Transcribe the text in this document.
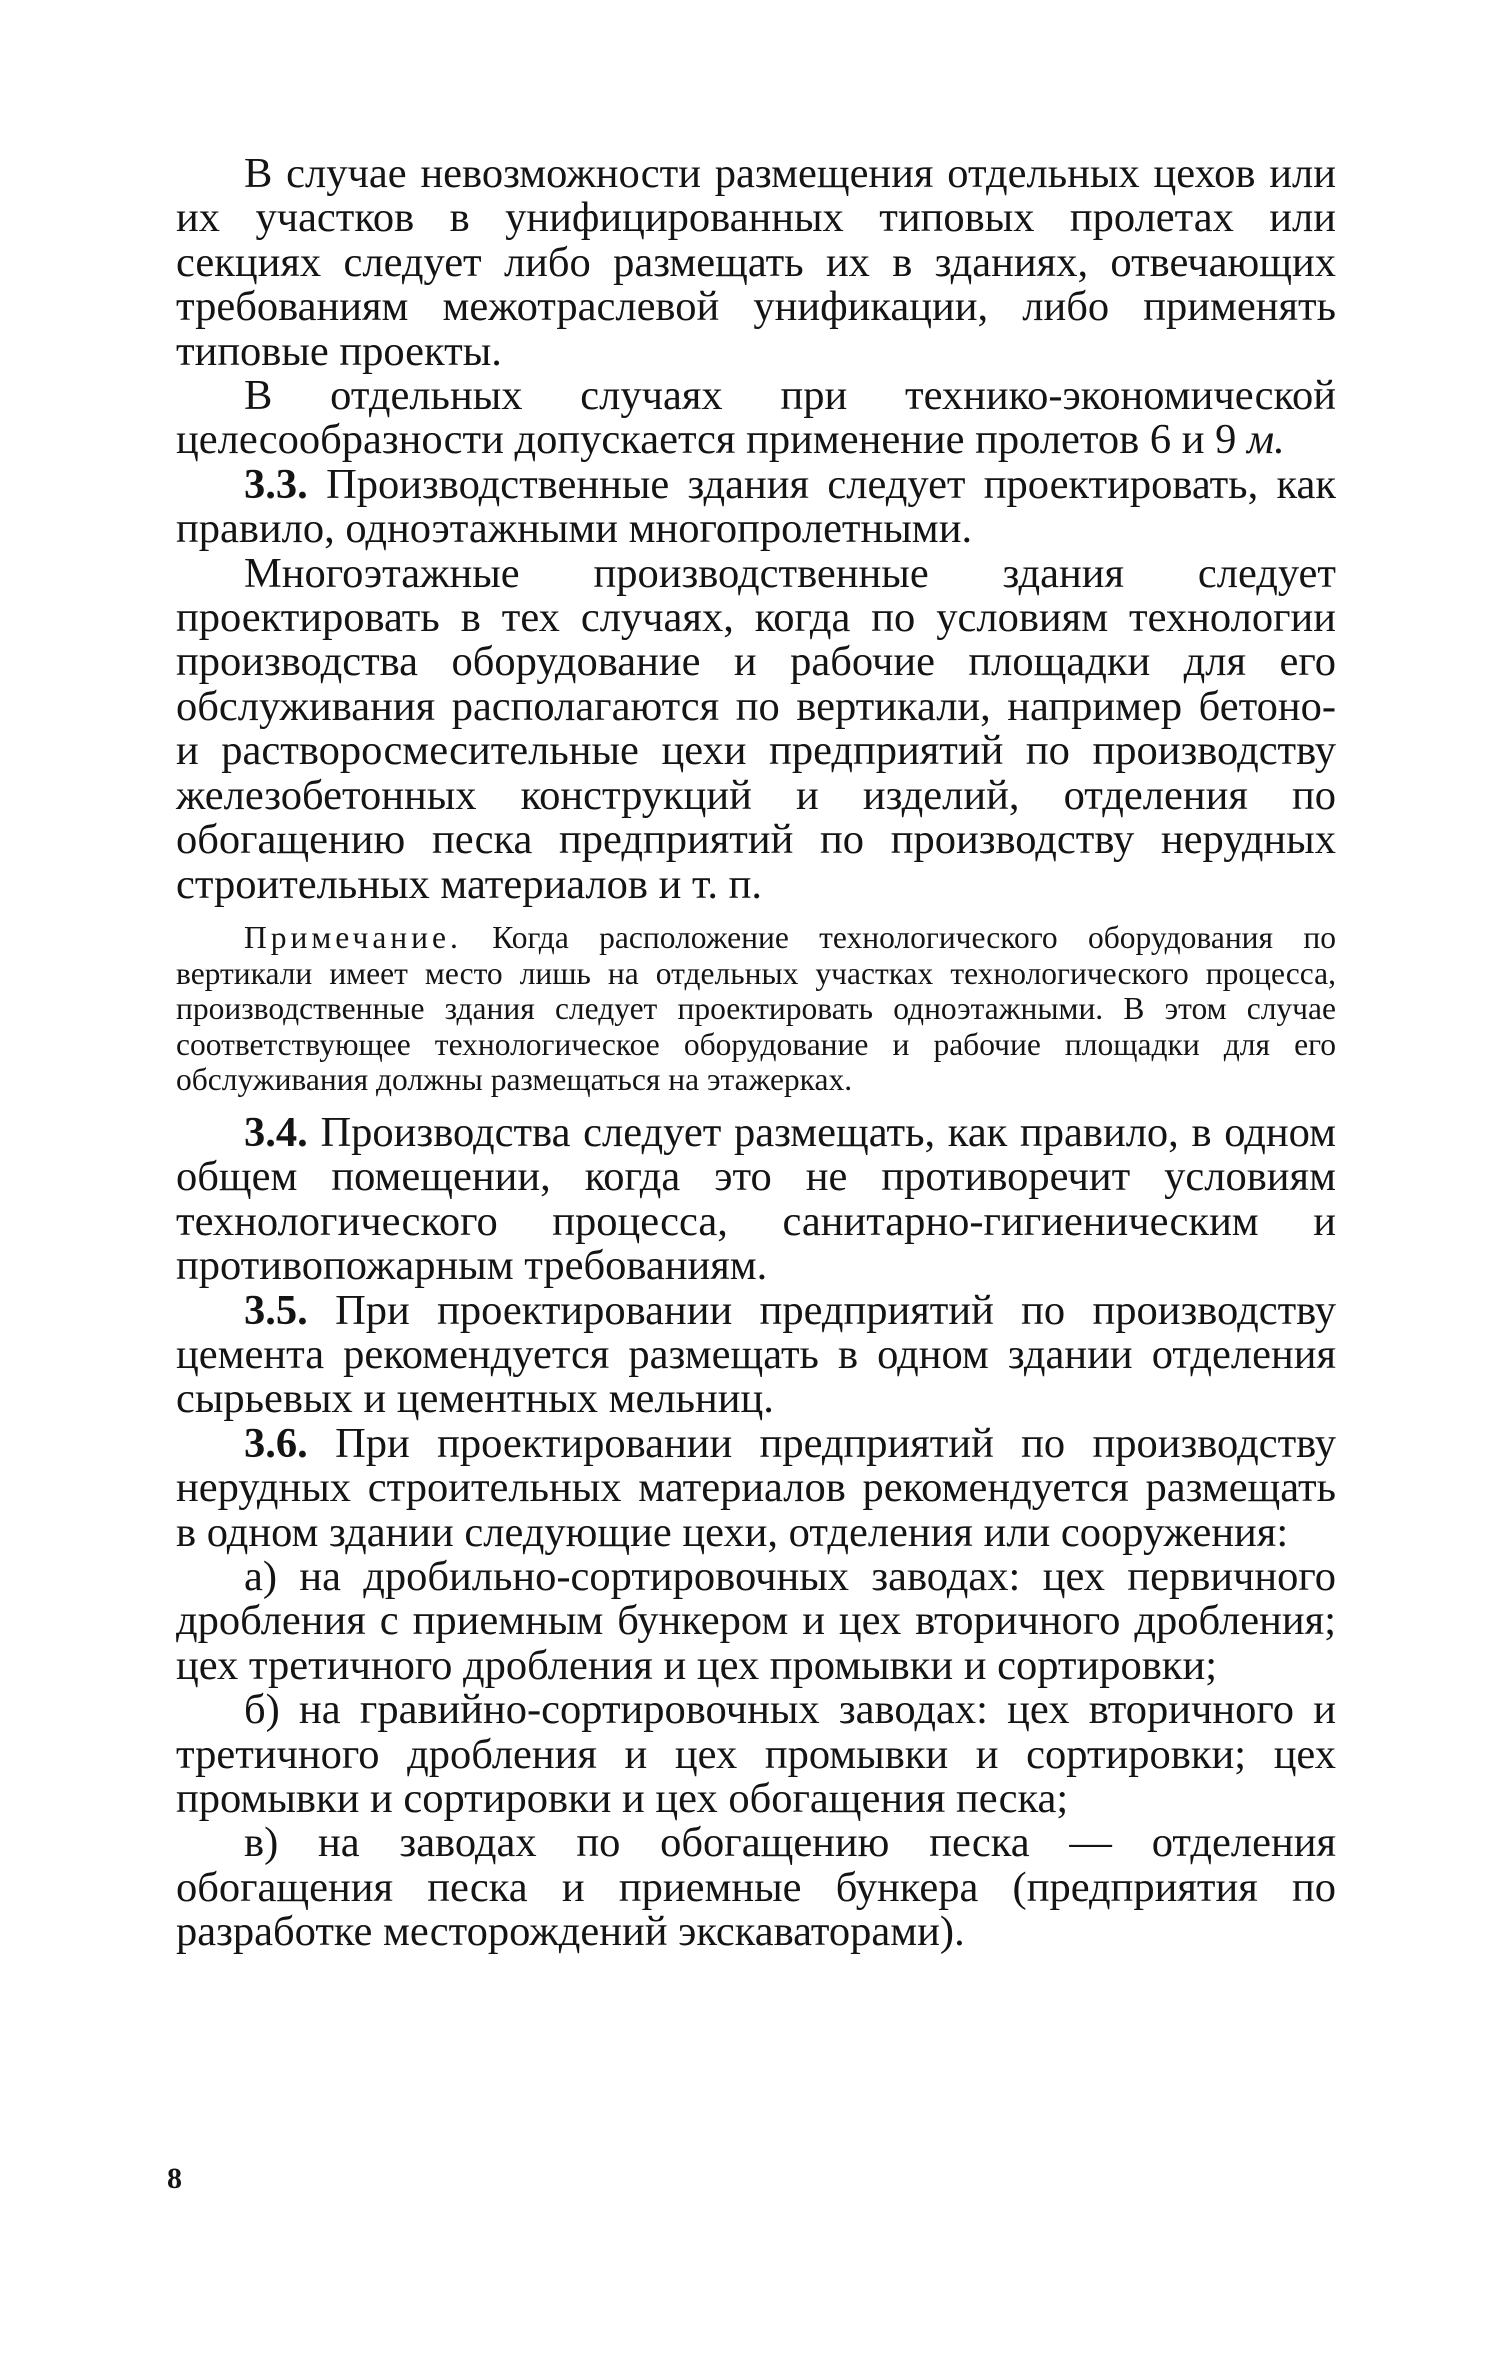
В случае невозможности размещения отдельных цехов или их участков в унифицированных типовых пролетах или секциях следует либо размещать их в зданиях, отвечающих требованиям межотраслевой унификации, либо применять типовые проекты.

В отдельных случаях при технико-экономической целесообразности допускается применение пролетов 6 и 9 м.

3.3. Производственные здания следует проектировать, как правило, одноэтажными многопролетными.

Многоэтажные производственные здания следует проектировать в тех случаях, когда по условиям технологии производства оборудование и рабочие площадки для его обслуживания располагаются по вертикали, например бетоно- и растворосмесительные цехи предприятий по производству железобетонных конструкций и изделий, отделения по обогащению песка предприятий по производству нерудных строительных материалов и т. п.

Примечание. Когда расположение технологического оборудования по вертикали имеет место лишь на отдельных участках технологического процесса, производственные здания следует проектировать одноэтажными. В этом случае соответствующее технологическое оборудование и рабочие площадки для его обслуживания должны размещаться на этажерках.

3.4. Производства следует размещать, как правило, в одном общем помещении, когда это не противоречит условиям технологического процесса, санитарно-гигиеническим и противопожарным требованиям.

3.5. При проектировании предприятий по производству цемента рекомендуется размещать в одном здании отделения сырьевых и цементных мельниц.

3.6. При проектировании предприятий по производству нерудных строительных материалов рекомендуется размещать в одном здании следующие цехи, отделения или сооружения:

а) на дробильно-сортировочных заводах: цех первичного дробления с приемным бункером и цех вторичного дробления; цех третичного дробления и цех промывки и сортировки;

б) на гравийно-сортировочных заводах: цех вторичного и третичного дробления и цех промывки и сортировки; цех промывки и сортировки и цех обогащения песка;

в) на заводах по обогащению песка — отделения обогащения песка и приемные бункера (предприятия по разработке месторождений экскаваторами).

8
